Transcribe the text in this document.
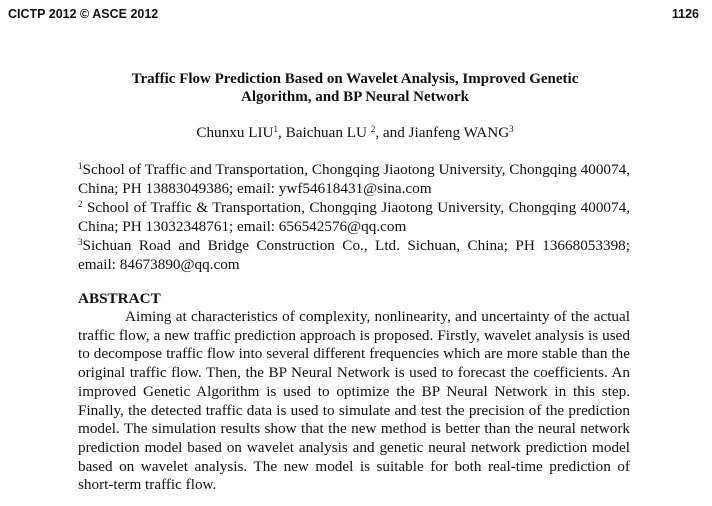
CICTP 2012 © ASCE 2012	1126
Traffic Flow Prediction Based on Wavelet Analysis, Improved Genetic
Algorithm, and BP Neural Network
Chunxu LIU$^1$, Baichuan LU $^2$, and Jianfeng WANG$^3$
$^1$School of Traffic and Transportation, Chongqing Jiaotong University, Chongqing 400074, China; PH 13883049386; email: ywf54618431@sina.com
$^2$ School of Traffic & Transportation, Chongqing Jiaotong University, Chongqing 400074, China; PH 13032348761; email: 656542576@qq.com
$^3$Sichuan Road and Bridge Construction Co., Ltd. Sichuan, China; PH 13668053398; email: 84673890@qq.com
ABSTRACT
Aiming at characteristics of complexity, nonlinearity, and uncertainty of the actual traffic flow, a new traffic prediction approach is proposed. Firstly, wavelet analysis is used to decompose traffic flow into several different frequencies which are more stable than the original traffic flow. Then, the BP Neural Network is used to forecast the coefficients. An improved Genetic Algorithm is used to optimize the BP Neural Network in this step. Finally, the detected traffic data is used to simulate and test the precision of the prediction model. The simulation results show that the new method is better than the neural network prediction model based on wavelet analysis and genetic neural network prediction model based on wavelet analysis. The new model is suitable for both real-time prediction of short-term traffic flow.
